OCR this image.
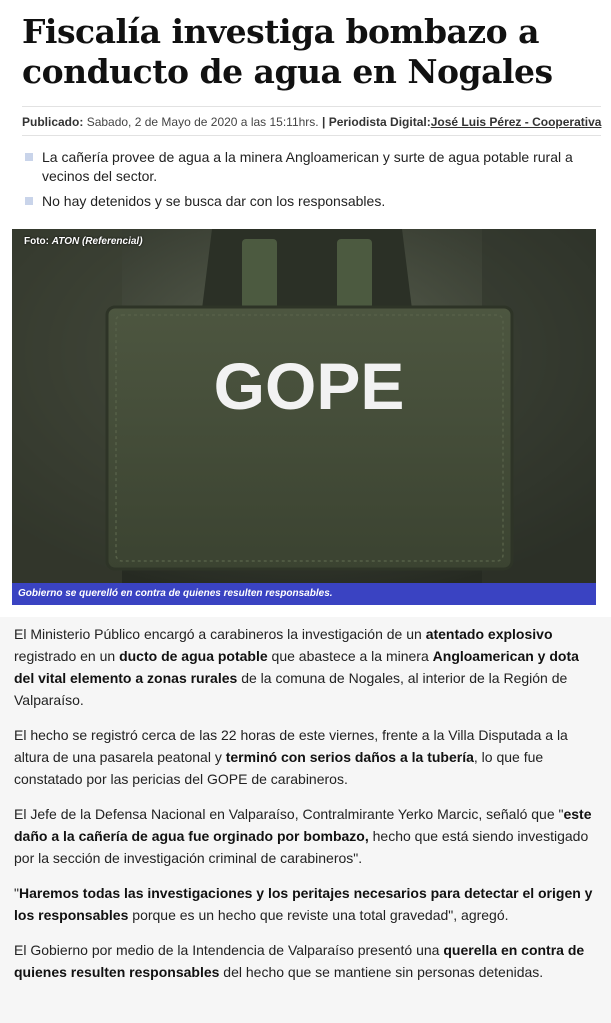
Fiscalía investiga bombazo a
conducto de agua en Nogales
Publicado: Sabado, 2 de Mayo de 2020 a las 15:11hrs. | Periodista Digital:José Luis Pérez - Cooperativa
La cañería provee de agua a la minera Angloamerican y surte de agua potable rural a vecinos del sector.
No hay detenidos y se busca dar con los responsables.
GOPE
Foto: ATON (Referencial)
Gobierno se querelló en contra de quienes resulten responsables.

El Ministerio Público encargó a carabineros la investigación de un atentado explosivo registrado en un ducto de agua potable que abastece a la minera Angloamerican y dota del vital elemento a zonas rurales de la comuna de Nogales, al interior de la Región de Valparaíso.

El hecho se registró cerca de las 22 horas de este viernes, frente a la Villa Disputada a la altura de una pasarela peatonal y terminó con serios daños a la tubería, lo que fue constatado por las pericias del GOPE de carabineros.

El Jefe de la Defensa Nacional en Valparaíso, Contralmirante Yerko Marcic, señaló que "este daño a la cañería de agua fue orginado por bombazo, hecho que está siendo investigado por la sección de investigación criminal de carabineros".

"Haremos todas las investigaciones y los peritajes necesarios para detectar el origen y los responsables porque es un hecho que reviste una total gravedad", agregó.

El Gobierno por medio de la Intendencia de Valparaíso presentó una querella en contra de quienes resulten responsables del hecho que se mantiene sin personas detenidas.
